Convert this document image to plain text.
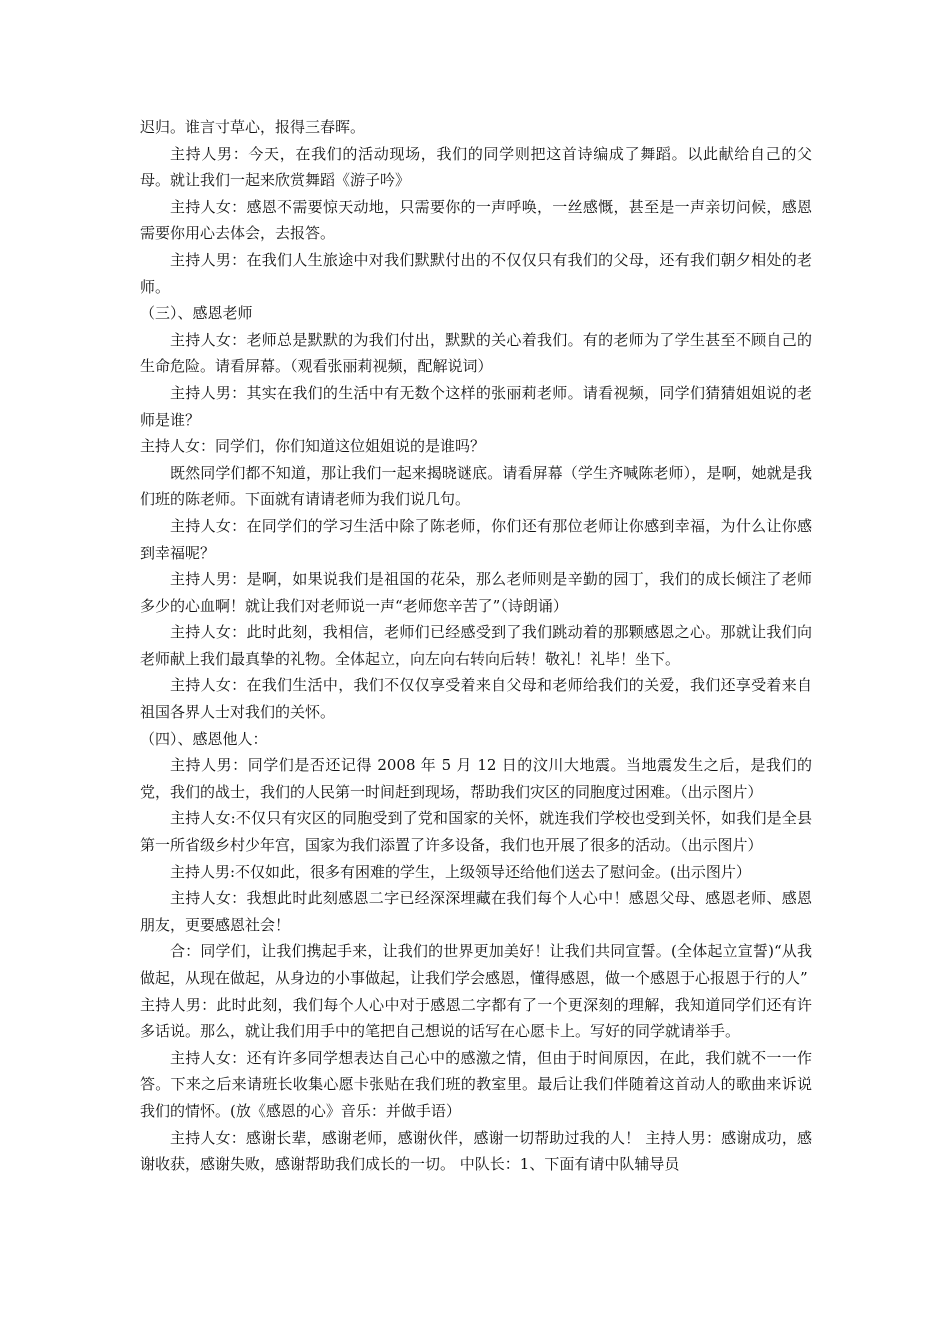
迟归。谁言寸草心，报得三春晖。

主持人男：今天，在我们的活动现场，我们的同学则把这首诗编成了舞蹈。以此献给自己的父母。就让我们一起来欣赏舞蹈《游子吟》

主持人女：感恩不需要惊天动地，只需要你的一声呼唤，一丝感慨，甚至是一声亲切问候，感恩需要你用心去体会，去报答。

主持人男：在我们人生旅途中对我们默默付出的不仅仅只有我们的父母，还有我们朝夕相处的老师。

（三）、感恩老师

主持人女：老师总是默默的为我们付出，默默的关心着我们。有的老师为了学生甚至不顾自己的生命危险。请看屏幕。（观看张丽莉视频，配解说词）

主持人男：其实在我们的生活中有无数个这样的张丽莉老师。请看视频，同学们猜猜姐姐说的老师是谁？

主持人女：同学们，你们知道这位姐姐说的是谁吗？

既然同学们都不知道，那让我们一起来揭晓谜底。请看屏幕（学生齐喊陈老师），是啊，她就是我们班的陈老师。下面就有请请老师为我们说几句。

主持人女：在同学们的学习生活中除了陈老师，你们还有那位老师让你感到幸福，为什么让你感到幸福呢？

主持人男：是啊，如果说我们是祖国的花朵，那么老师则是辛勤的园丁，我们的成长倾注了老师多少的心血啊！就让我们对老师说一声“老师您辛苦了”（诗朗诵）

主持人女：此时此刻，我相信，老师们已经感受到了我们跳动着的那颗感恩之心。那就让我们向老师献上我们最真挚的礼物。全体起立，向左向右转向后转！敬礼！礼毕！坐下。

主持人女：在我们生活中，我们不仅仅享受着来自父母和老师给我们的关爱，我们还享受着来自祖国各界人士对我们的关怀。

（四）、感恩他人：

主持人男：同学们是否还记得 2008 年 5 月 12 日的汶川大地震。当地震发生之后，是我们的党，我们的战士，我们的人民第一时间赶到现场，帮助我们灾区的同胞度过困难。（出示图片）

主持人女:不仅只有灾区的同胞受到了党和国家的关怀，就连我们学校也受到关怀，如我们是全县第一所省级乡村少年宫，国家为我们添置了许多设备，我们也开展了很多的活动。（出示图片）

主持人男:不仅如此，很多有困难的学生，上级领导还给他们送去了慰问金。(出示图片）

主持人女：我想此时此刻感恩二字已经深深埋藏在我们每个人心中！感恩父母、感恩老师、感恩朋友，更要感恩社会！

合：同学们，让我们携起手来，让我们的世界更加美好！让我们共同宣誓。(全体起立宣誓)“从我做起，从现在做起，从身边的小事做起，让我们学会感恩，懂得感恩，做一个感恩于心报恩于行的人”

主持人男：此时此刻，我们每个人心中对于感恩二字都有了一个更深刻的理解，我知道同学们还有许多话说。那么，就让我们用手中的笔把自己想说的话写在心愿卡上。写好的同学就请举手。

主持人女：还有许多同学想表达自己心中的感激之情，但由于时间原因，在此，我们就不一一作答。下来之后来请班长收集心愿卡张贴在我们班的教室里。最后让我们伴随着这首动人的歌曲来诉说我们的情怀。(放《感恩的心》音乐：并做手语）

主持人女：感谢长辈，感谢老师，感谢伙伴，感谢一切帮助过我的人！ 主持人男：感谢成功，感谢收获，感谢失败，感谢帮助我们成长的一切。 中队长：1、下面有请中队辅导员
